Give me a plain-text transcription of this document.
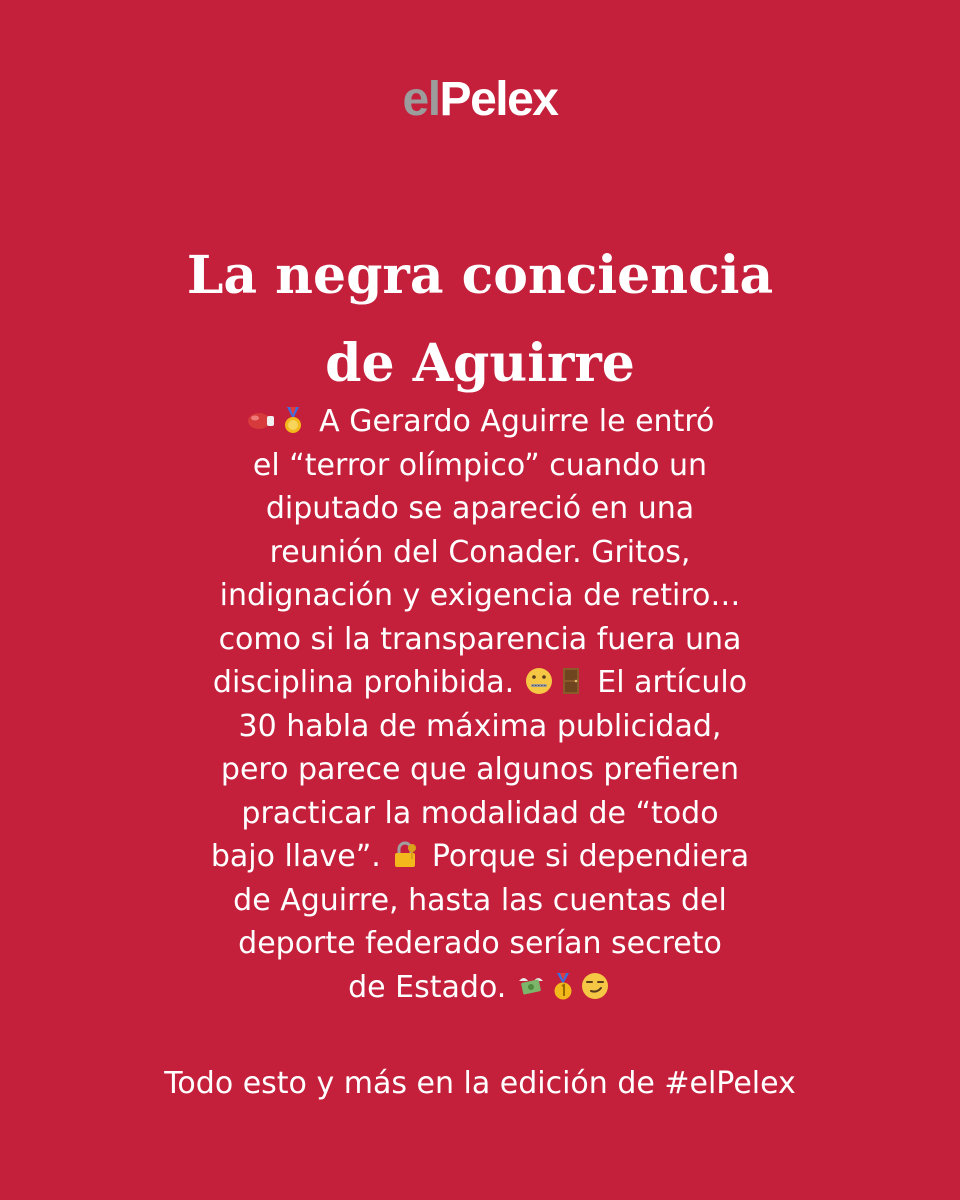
elPelex
La negra conciencia
de Aguirre
A Gerardo Aguirre le entró
el “terror olímpico” cuando un
diputado se apareció en una
reunión del Conader. Gritos,
indignación y exigencia de retiro…
como si la transparencia fuera una
disciplina prohibida.
El artículo
30 habla de máxima publicidad,
pero parece que algunos prefieren
practicar la modalidad de “todo
bajo llave”.
Porque si dependiera
de Aguirre, hasta las cuentas del
deporte federado serían secreto
de Estado.
Todo esto y más en la edición de #elPelex
